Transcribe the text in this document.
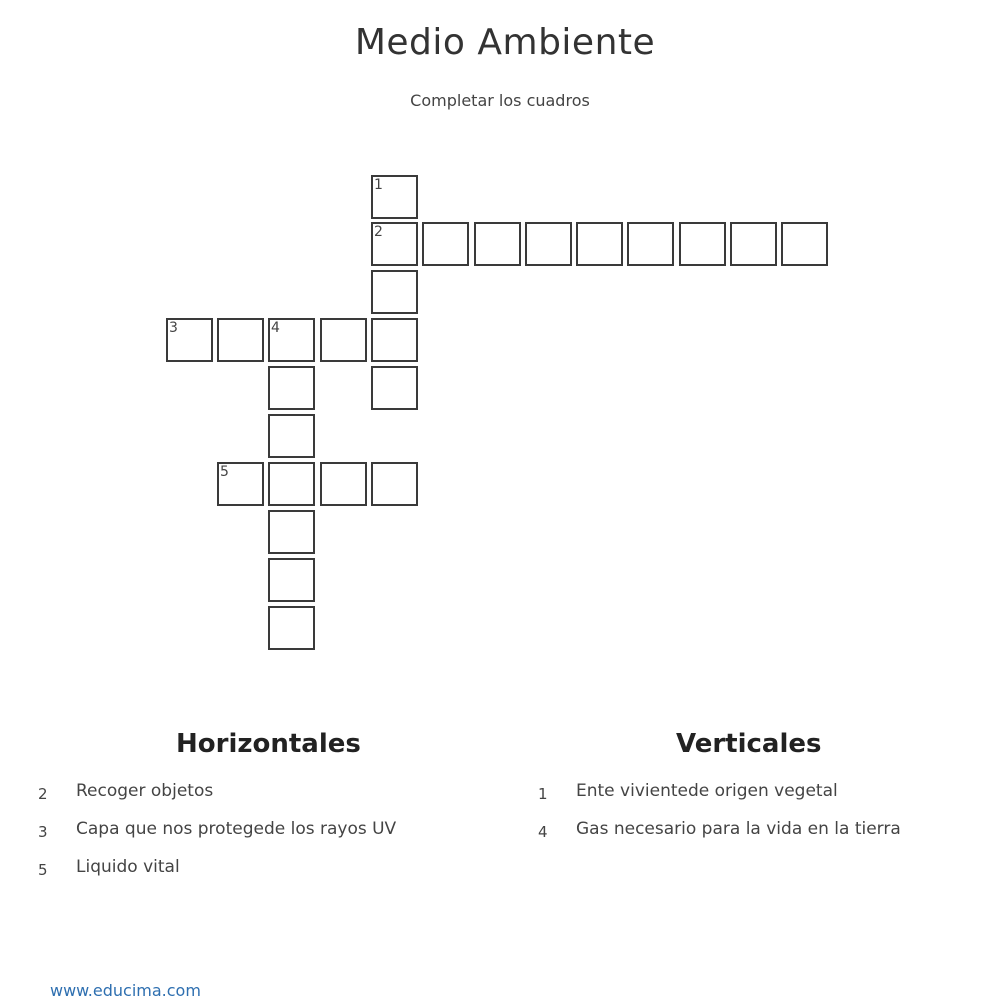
Medio Ambiente
Completar los cuadros
1
2
3	4
5
Horizontales	Verticales
2 Recoger objetos
3 Capa que nos protegede los rayos UV
5 Liquido vital
1 Ente vivientede origen vegetal
4 Gas necesario para la vida en la tierra
www.educima.com
